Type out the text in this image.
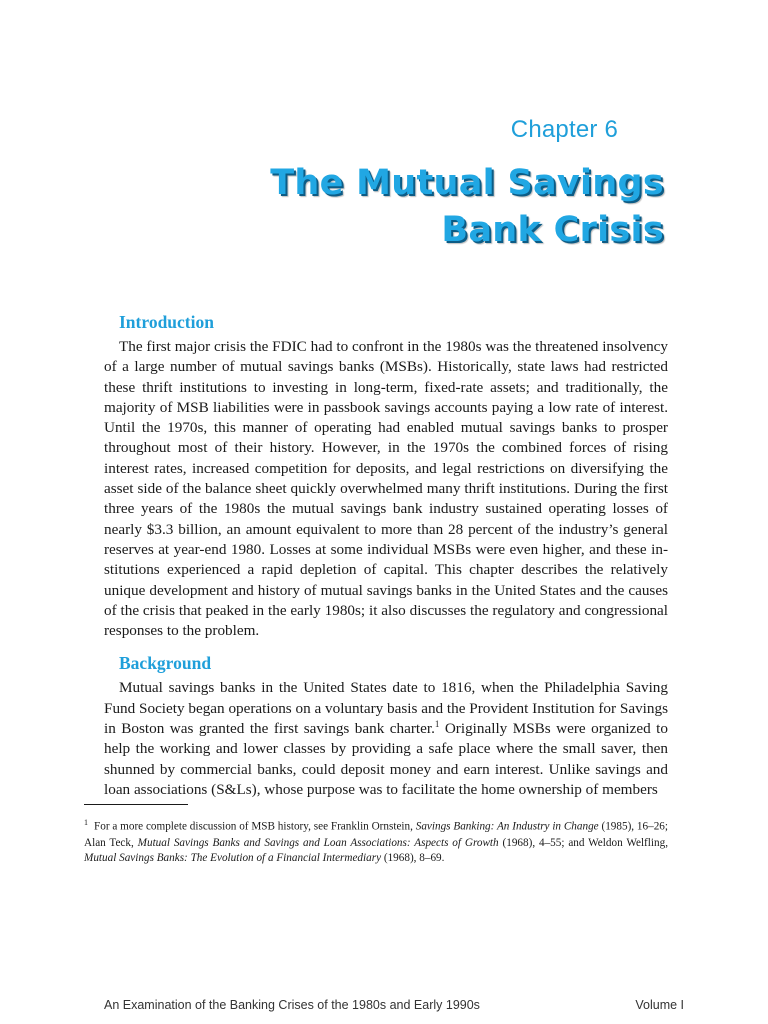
Chapter 6
The Mutual Savings
Bank Crisis
Introduction

The first major crisis the FDIC had to confront in the 1980s was the threatened insolvency of a large number of mutual savings banks (MSBs). Historically, state laws had restricted these thrift institutions to investing in long-term, fixed-rate assets; and traditionally, the majority of MSB liabilities were in passbook savings accounts paying a low rate of interest. Until the 1970s, this manner of operating had enabled mutual savings banks to prosper throughout most of their history. However, in the 1970s the combined forces of rising interest rates, increased competition for deposits, and legal restrictions on diversifying the asset side of the balance sheet quickly overwhelmed many thrift institutions. During the first three years of the 1980s the mutual savings bank industry sustained operating losses of nearly $3.3 billion, an amount equivalent to more than 28 percent of the industry’s general reserves at year-end 1980. Losses at some individual MSBs were even higher, and these institutions experienced a rapid depletion of capital. This chapter describes the relatively unique development and history of mutual savings banks in the United States and the causes of the crisis that peaked in the early 1980s; it also discusses the regulatory and congressional responses to the problem.

Background

Mutual savings banks in the United States date to 1816, when the Philadelphia Saving Fund Society began operations on a voluntary basis and the Provident Institution for Savings in Boston was granted the first savings bank charter.$^1$ Originally MSBs were organized to help the working and lower classes by providing a safe place where the small saver, then shunned by commercial banks, could deposit money and earn interest. Unlike savings and loan associations (S&Ls), whose purpose was to facilitate the home ownership of members

$^1$ For a more complete discussion of MSB history, see Franklin Ornstein, Savings Banking: An Industry in Change (1985), 16–26; Alan Teck, Mutual Savings Banks and Savings and Loan Associations: Aspects of Growth (1968), 4–55; and Weldon Welfling, Mutual Savings Banks: The Evolution of a Financial Intermediary (1968), 8–69.
An Examination of the Banking Crises of the 1980s and Early 1990s	Volume I
